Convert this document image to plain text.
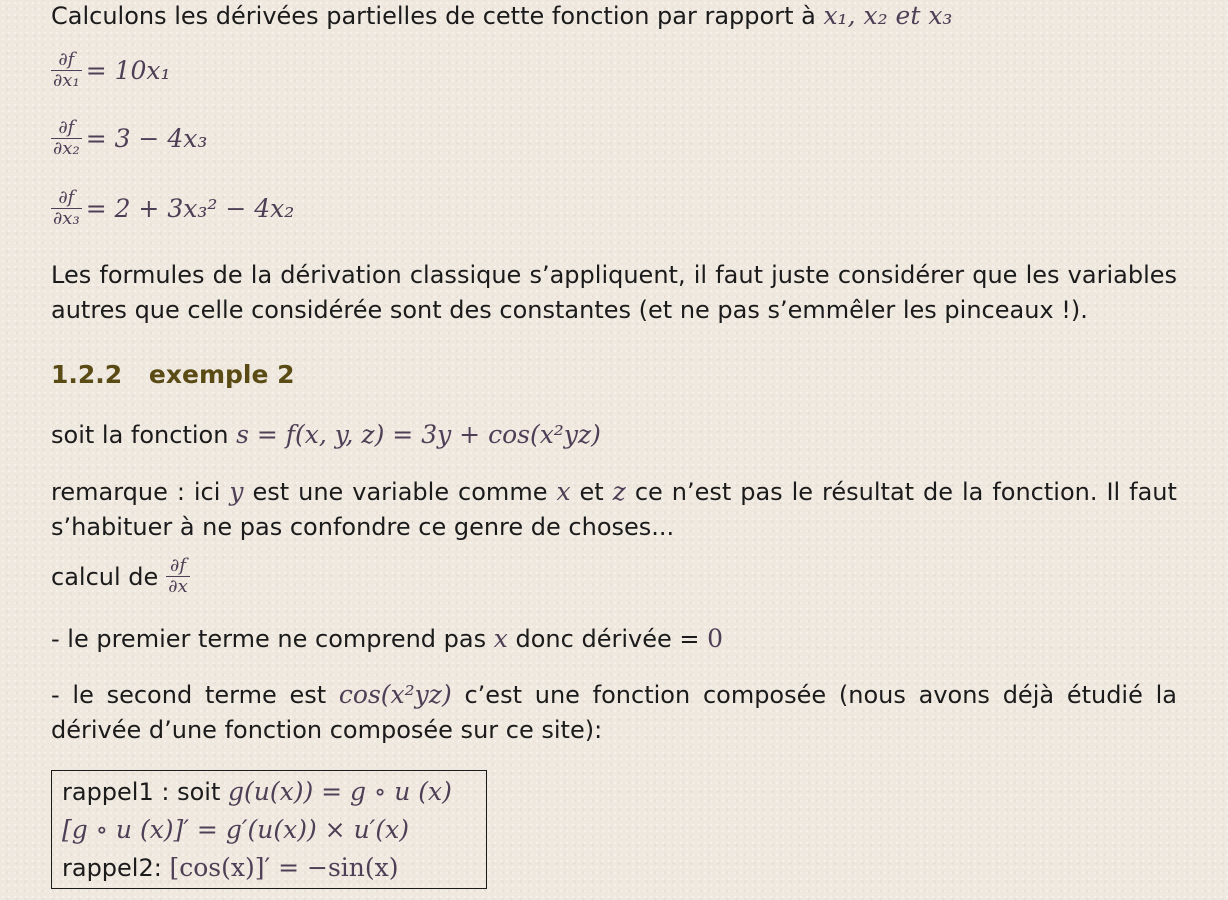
Calculons les dérivées partielles de cette fonction par rapport à x₁, x₂ et x₃
$\frac{\partial f}{\text{∂x₁}} = 10x_1$
$\frac{\partial f}{\text{∂x₂}} = 3 - 4x_3$
$\frac{\partial f}{\text{∂x₃}} = 2 + 3x_3^2 - 4x_2$
Les formules de la dérivation classique s’appliquent, il faut juste considérer que les variables autres que celle considérée sont des constantes (et ne pas s’emmêler les pinceaux !).
1.2.2 exemple 2
soit la fonction s = f(x, y, z) = 3y + cos(x²yz)
remarque : ici y est une variable comme x et z ce n’est pas le résultat de la fonction. Il faut s’habituer à ne pas confondre ce genre de choses...
calcul de $\frac{\partial f}{\partial x}$
- le premier terme ne comprend pas x donc dérivée = 0
- le second terme est cos(x²yz) c’est une fonction composée (nous avons déjà étudié la dérivée d’une fonction composée sur ce site):
rappel1 : soit g(u(x)) = g ∘ u (x)
[g ∘ u (x)]′ = g′(u(x)) × u′(x)
rappel2: [cos(x)]′ = −sin(x)
